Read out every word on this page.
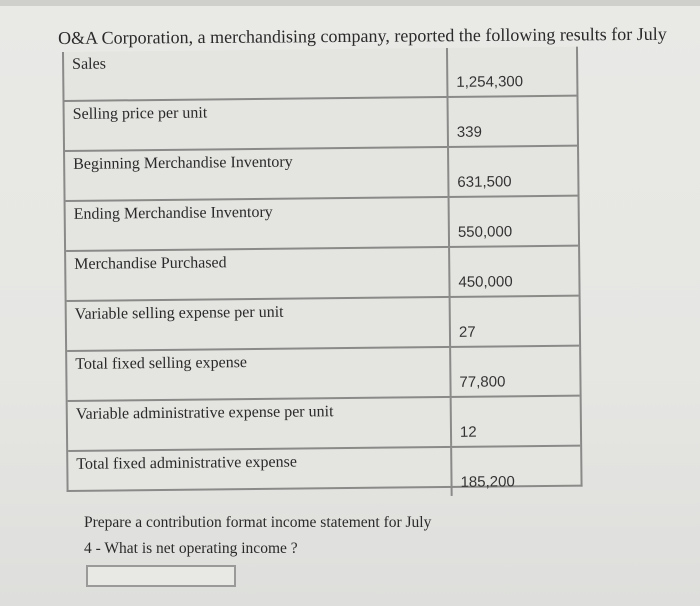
O&A Corporation, a merchandising company, reported the following results for July
Sales
1,254,300
Selling price per unit
339
Beginning Merchandise Inventory
631,500
Ending Merchandise Inventory
550,000
Merchandise Purchased
450,000
Variable selling expense per unit
27
Total fixed selling expense
77,800
Variable administrative expense per unit
12
Total fixed administrative expense
185,200
Prepare a contribution format income statement for July
4 - What is net operating income ?
